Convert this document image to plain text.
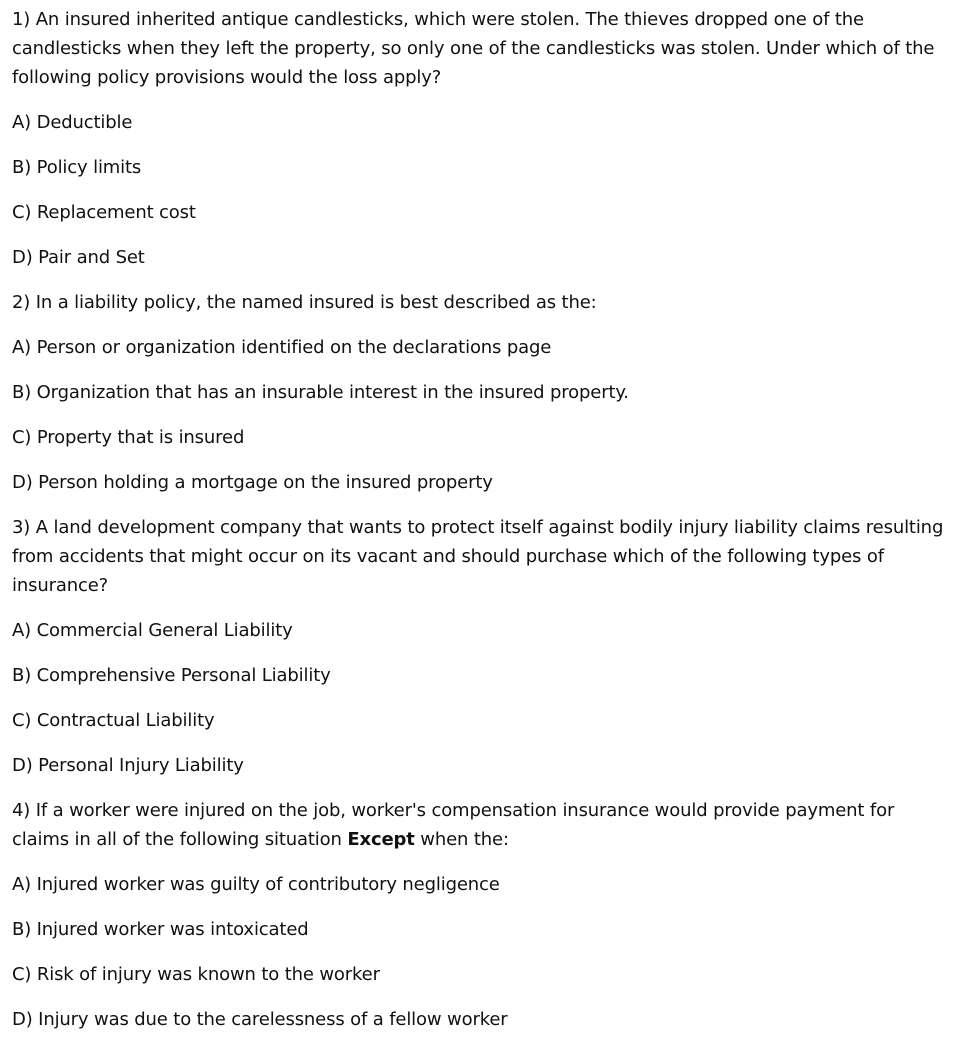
1) An insured inherited antique candlesticks, which were stolen. The thieves dropped one of the candlesticks when they left the property, so only one of the candlesticks was stolen. Under which of the following policy provisions would the loss apply?

A) Deductible

B) Policy limits

C) Replacement cost

D) Pair and Set

2) In a liability policy, the named insured is best described as the:

A) Person or organization identified on the declarations page

B) Organization that has an insurable interest in the insured property.

C) Property that is insured

D) Person holding a mortgage on the insured property

3) A land development company that wants to protect itself against bodily injury liability claims resulting from accidents that might occur on its vacant and should purchase which of the following types of insurance?

A) Commercial General Liability

B) Comprehensive Personal Liability

C) Contractual Liability

D) Personal Injury Liability

4) If a worker were injured on the job, worker's compensation insurance would provide payment for claims in all of the following situation Except when the:

A) Injured worker was guilty of contributory negligence

B) Injured worker was intoxicated

C) Risk of injury was known to the worker

D) Injury was due to the carelessness of a fellow worker
